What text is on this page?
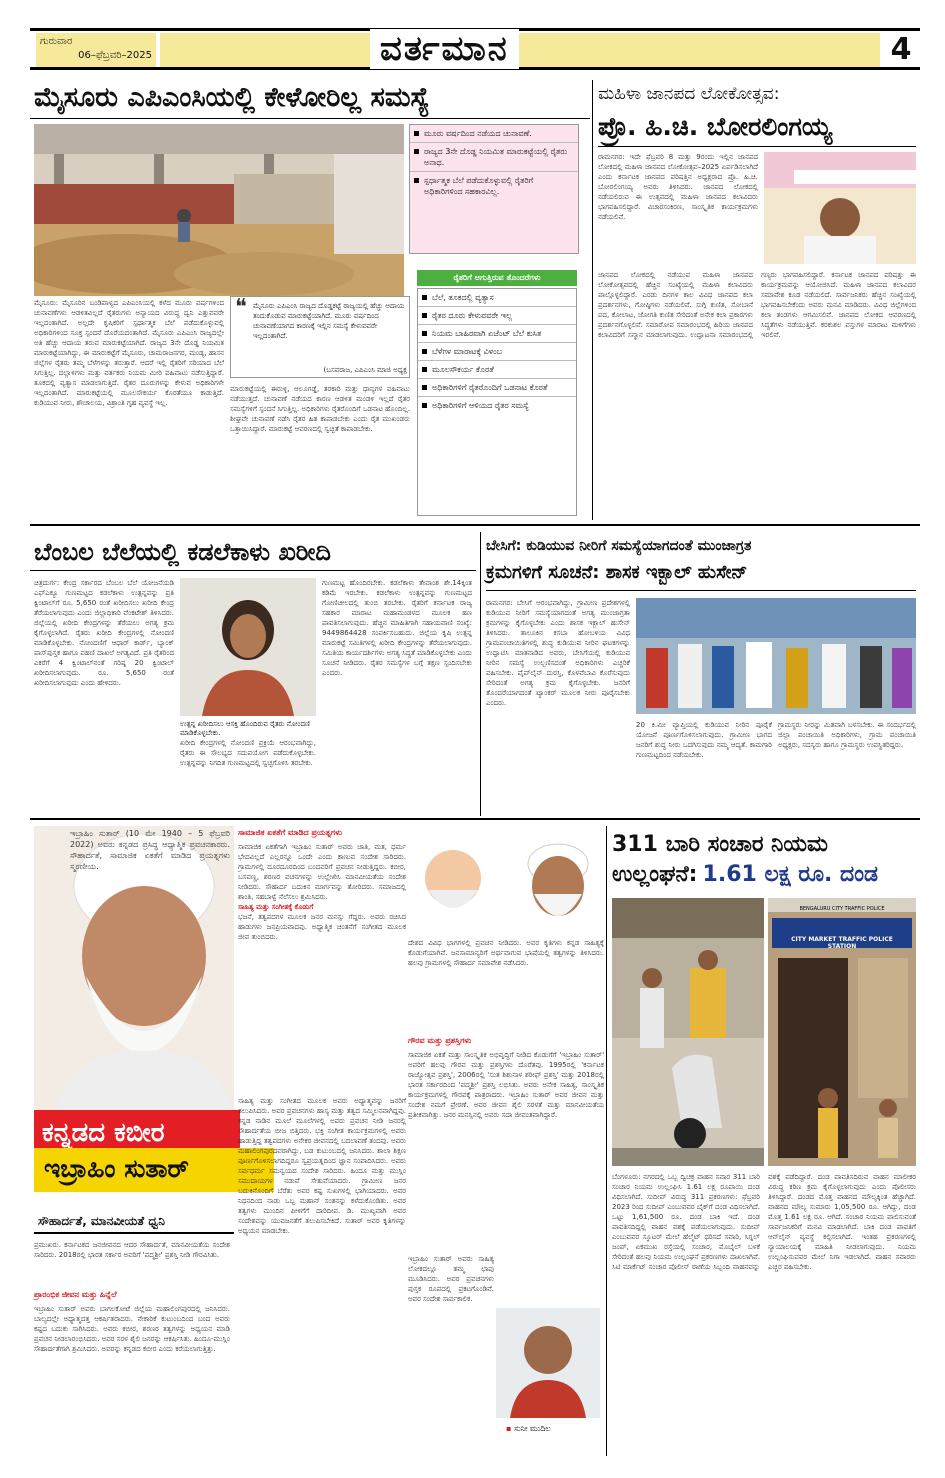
ಗುರುವಾರ
06–ಫೆಬ್ರವರಿ–2025	ವರ್ತಮಾನ	4
ಮೈಸೂರು ಎಪಿಎಂಸಿಯಲ್ಲಿ ಕೇಳೋರಿಲ್ಲ ಸಮಸ್ಯೆ
ಮೂರು ವರ್ಷದಿಂದ ನಡೆಯದ ಚುನಾವಣೆ.
ರಾಜ್ಯದ 3ನೇ ದೊಡ್ಡ ನಿಯಮಿತ ಮಾರುಕಟ್ಟೆಯಲ್ಲಿ ರೈತರು ಅನಾಥ.
ಸ್ಪರ್ಧಾತ್ಮಕ ಬೆಲೆ ಪಡೆದುಕೊಳ್ಳುವಲ್ಲಿ ರೈತರಿಗೆ ಅಧಿಕಾರಿಗಳಿಂದ ಸಹಕಾರವಿಲ್ಲ.
ರೈತರಿಗೆ ಆಗುತ್ತಿರುವ ತೊಂದರೆಗಳು
ಬೆಲೆ, ತೂಕದಲ್ಲಿ ವ್ಯತ್ಯಾಸ
ರೈತರ ದೂರು ಕೇಳುವವರೇ ಇಲ್ಲ
ನಿಯಮ ಬಾಹಿರವಾಗಿ ಏಜೆಂಟ್ ಬೆಲೆ ಕುಸಿತ
ಬೆಳೆಗಳ ಮಾರಾಟಕ್ಕೆ ವಿಳಂಬ
ಮೂಲಸೌಕರ್ಯ ಕೊರತೆ
ಅಧಿಕಾರಿಗಳಿಗೆ ರೈತರೊಂದಿಗೆ ಒಡನಾಟ ಕೊರತೆ
ಅಧಿಕಾರಿಗಳಿಗೆ ಆಳಿಯದ ರೈತರ ಸಮಸ್ಯೆ
❝ ಮೈಸೂರು ಎಪಿಎಂಸಿ ರಾಜ್ಯದ ದೊಡ್ಡಕಟ್ಟೆ ರಾಜ್ಯಯಲ್ಲಿ ಹೆಚ್ಚು ಆದಾಯ ತಂದುಕೊಡುವ ಮಾರುಕಟ್ಟೆಯಾಗಿದೆ. ಮೂರು ವರ್ಷದಿಂದ ಚುನಾವಣೆಯಾಗದ ಕಾರಣಕ್ಕೆ ಇಲ್ಲಿನ ಸಮಸ್ಯೆ ಕೇಳುವವರೇ ಇಲ್ಲದಂತಾಗಿದೆ.
(ಬಸವರಾಜ, ಎಪಿಎಂಸಿ ಮಾಜಿ ಅಧ್ಯಕ್ಷ
ಮೈಸೂರು: ಮೈಸೂರಿನ ಬಂಡಿಪಾಳ್ಯದ ಎಪಿಎಂಸಿಯಲ್ಲಿ ಕಳೆದ ಮೂರು ವರ್ಷಗಳಿಂದ ಚುನಾವಣೆಗಳು ಆಡಳಿತವಿಲ್ಲದೆ ರೈತರುಗಳು ಅನ್ಯಾಯದ ವಿರುದ್ಧ ದ್ವನಿ ಎತ್ತುವವರೇ ಇಲ್ಲದಂತಾಗಿದೆ. ಅಲ್ಲದೇ ಕೃಷಿಕರಿಗೆ ಸ್ಪರ್ಧಾತ್ಮಕ ಬೆಲೆ ಪಡೆದುಕೊಳ್ಳುವಲ್ಲಿ ಅಧಿಕಾರಿಗಳಿಂದ ಸೂಕ್ತ ಸ್ಪಂದನೆ ದೊರೆಯದಂತಾಗಿದೆ. ಮೈಸೂರು ಎಪಿಎಂಸಿ ರಾಜ್ಯದಲ್ಲೇ ಅತಿ ಹೆಚ್ಚು ಆದಾಯ ತರುವ ಮಾರುಕಟ್ಟೆಯಾಗಿದೆ. ರಾಜ್ಯದ 3ನೇ ದೊಡ್ಡ ನಿಯಮಿತ ಮಾರುಕಟ್ಟೆಯಾಗಿದ್ದು, ಈ ಮಾರುಕಟ್ಟೆಗೆ ಮೈಸೂರು, ಚಾಮರಾಜನಗರ, ಮಂಡ್ಯ, ಹಾಸನ ಜಿಲ್ಲೆಗಳ ರೈತರು ತಮ್ಮ ಬೆಳೆಗಳನ್ನು ತರುತ್ತಾರೆ. ಆದರೆ ಇಲ್ಲಿ ರೈತರಿಗೆ ಸರಿಯಾದ ಬೆಲೆ ಸಿಗುತ್ತಿಲ್ಲ. ದಲ್ಲಾಳಿಗಳು ಮತ್ತು ವರ್ತಕರು ನಿಯಮ ಮೀರಿ ವಹಿವಾಟು ನಡೆಸುತ್ತಿದ್ದಾರೆ. ತೂಕದಲ್ಲಿ ವ್ಯತ್ಯಾಸ ಮಾಡಲಾಗುತ್ತಿದೆ. ರೈತರ ದೂರುಗಳನ್ನು ಕೇಳುವ ಅಧಿಕಾರಿಗಳೇ ಇಲ್ಲದಂತಾಗಿದೆ. ಮಾರುಕಟ್ಟೆಯಲ್ಲಿ ಮೂಲಸೌಕರ್ಯ ಕೊರತೆಯೂ ಕಾಡುತ್ತಿದೆ. ಕುಡಿಯುವ ನೀರು, ಶೌಚಾಲಯ, ವಿಶ್ರಾಂತಿ ಗೃಹ ವ್ಯವಸ್ಥೆ ಇಲ್ಲ.
ಮಾರುಕಟ್ಟೆಯಲ್ಲಿ ಈರುಳ್ಳಿ, ಆಲೂಗಡ್ಡೆ, ತರಕಾರಿ ಮತ್ತು ಧಾನ್ಯಗಳ ವಹಿವಾಟು ನಡೆಯುತ್ತದೆ. ಚುನಾವಣೆ ನಡೆಯದ ಕಾರಣ ಆಡಳಿತ ಮಂಡಳಿ ಇಲ್ಲದೆ ರೈತರ ಸಮಸ್ಯೆಗಳಿಗೆ ಸ್ಪಂದನೆ ಸಿಗುತ್ತಿಲ್ಲ. ಅಧಿಕಾರಿಗಳು ರೈತರೊಂದಿಗೆ ಒಡನಾಟ ಹೊಂದಿಲ್ಲ. ಶೀಘ್ರವೇ ಚುನಾವಣೆ ನಡೆಸಿ ರೈತರ ಹಿತ ಕಾಪಾಡಬೇಕು ಎಂದು ರೈತ ಮುಖಂಡರು ಒತ್ತಾಯಿಸಿದ್ದಾರೆ. ಮಾರುಕಟ್ಟೆ ಆವರಣದಲ್ಲಿ ಸ್ವಚ್ಛತೆ ಕಾಪಾಡಬೇಕು.
ಮಹಿಳಾ ಜಾನಪದ ಲೋಕೋತ್ಸವ:
ಪ್ರೊ. ಹಿ.ಚಿ. ಬೋರಲಿಂಗಯ್ಯ
ರಾಮನಗರ: ಇದೇ ಫೆಬ್ರವರಿ 8 ಮತ್ತು 9ರಂದು ಇಲ್ಲಿನ ಜಾನಪದ ಲೋಕದಲ್ಲಿ ಮಹಿಳಾ ಜಾನಪದ ಲೋಕೋತ್ಸವ–2025 ಏರ್ಪಡಿಸಲಾಗಿದೆ ಎಂದು ಕರ್ನಾಟಕ ಜಾನಪದ ಪರಿಷತ್ತಿನ ಅಧ್ಯಕ್ಷರಾದ ಪ್ರೊ. ಹಿ.ಚಿ. ಬೋರಲಿಂಗಯ್ಯ ಅವರು ತಿಳಿಸಿದರು. ಜಾನಪದ ಲೋಕದಲ್ಲಿ ನಡೆಯಲಿರುವ ಈ ಉತ್ಸವದಲ್ಲಿ ಮಹಿಳಾ ಜಾನಪದ ಕಲಾವಿದರು ಭಾಗವಹಿಸಲಿದ್ದಾರೆ. ವಿಚಾರಸಂಕಿರಣ, ಸಾಂಸ್ಕೃತಿಕ ಕಾರ್ಯಕ್ರಮಗಳು ನಡೆಯಲಿವೆ.
ಜಾನಪದ ಲೋಕದಲ್ಲಿ ನಡೆಯುವ ಮಹಿಳಾ ಜಾನಪದ ಲೋಕೋತ್ಸವದಲ್ಲಿ ಹೆಚ್ಚಿನ ಸಂಖ್ಯೆಯಲ್ಲಿ ಮಹಿಳಾ ಕಲಾವಿದರು ಪಾಲ್ಗೊಳ್ಳಲಿದ್ದಾರೆ. ಎರಡು ದಿನಗಳ ಕಾಲ ವಿವಿಧ ಜಾನಪದ ಕಲಾ ಪ್ರದರ್ಶನಗಳು, ಗೋಷ್ಠಿಗಳು ನಡೆಯಲಿವೆ. ಸುಗ್ಗಿ ಕುಣಿತ, ಸೋಬಾನೆ ಪದ, ಕೋಲಾಟ, ಜೋಗತಿ ಕುಣಿತ ಸೇರಿದಂತೆ ಅನೇಕ ಕಲಾ ಪ್ರಕಾರಗಳು ಪ್ರದರ್ಶನಗೊಳ್ಳಲಿವೆ. ಸಮಾರೋಪ ಸಮಾರಂಭದಲ್ಲಿ ಹಿರಿಯ ಜಾನಪದ ಕಲಾವಿದರಿಗೆ ಸನ್ಮಾನ ಮಾಡಲಾಗುವುದು. ಉದ್ಘಾಟನಾ ಸಮಾರಂಭದಲ್ಲಿ ಗಣ್ಯರು ಭಾಗವಹಿಸಲಿದ್ದಾರೆ. ಕರ್ನಾಟಕ ಜಾನಪದ ಪರಿಷತ್ತು ಈ ಕಾರ್ಯಕ್ರಮವನ್ನು ಆಯೋಜಿಸಿದೆ. ಮಹಿಳಾ ಜಾನಪದ ಕಲಾವಿದರ ಸಮಾವೇಶ ಕೂಡ ನಡೆಯಲಿದೆ. ಸಾರ್ವಜನಿಕರು ಹೆಚ್ಚಿನ ಸಂಖ್ಯೆಯಲ್ಲಿ ಭಾಗವಹಿಸಬೇಕೆಂದು ಅವರು ಮನವಿ ಮಾಡಿದರು. ವಿವಿಧ ಜಿಲ್ಲೆಗಳಿಂದ ಕಲಾ ತಂಡಗಳು ಆಗಮಿಸಲಿವೆ. ಜಾನಪದ ಲೋಕದ ಆವರಣದಲ್ಲಿ ಸಿದ್ಧತೆಗಳು ನಡೆಯುತ್ತಿವೆ. ಕರಕುಶಲ ವಸ್ತುಗಳ ಮಾರಾಟ ಮಳಿಗೆಗಳು ಇರಲಿವೆ.
ಬೆಂಬಲ ಬೆಲೆಯಲ್ಲಿ ಕಡಲೆಕಾಳು ಖರೀದಿ
ಉತ್ಪನ್ನ ಖರೀದಿಸಲು ಆಸಕ್ತಿ ಹೊಂದಿರುವ ರೈತರು ನೋಂದಣಿ ಮಾಡಿಕೊಳ್ಳಬೇಕು.
ಚಿತ್ರದುರ್ಗ: ಕೇಂದ್ರ ಸರ್ಕಾರದ ಬೆಂಬಲ ಬೆಲೆ ಯೋಜನೆಯಡಿ ಎಫ್‌ಎಕ್ಯೂ ಗುಣಮಟ್ಟದ ಕಡಲೆಕಾಳು ಉತ್ಪನ್ನವನ್ನು ಪ್ರತಿ ಕ್ವಿಂಟಾಲ್‌ಗೆ ರೂ. 5,650 ರಂತೆ ಖರೀದಿಸಲು ಖರೀದಿ ಕೇಂದ್ರ ತೆರೆಯಲಾಗುವುದು ಎಂದು ಜಿಲ್ಲಾಧಿಕಾರಿ ವೆಂಕಟೇಶ್ ತಿಳಿಸಿದರು. ಜಿಲ್ಲೆಯಲ್ಲಿ ಖರೀದಿ ಕೇಂದ್ರಗಳನ್ನು ತೆರೆಯಲು ಅಗತ್ಯ ಕ್ರಮ ಕೈಗೊಳ್ಳಲಾಗಿದೆ. ರೈತರು ಖರೀದಿ ಕೇಂದ್ರಗಳಲ್ಲಿ ನೋಂದಣಿ ಮಾಡಿಕೊಳ್ಳಬೇಕು. ನೋಂದಣಿಗೆ ಆಧಾರ್ ಕಾರ್ಡ್, ಬ್ಯಾಂಕ್ ಪಾಸ್‌ಪುಸ್ತಕ ಹಾಗೂ ಪಹಣಿ ದಾಖಲೆ ಅಗತ್ಯವಿದೆ. ಪ್ರತಿ ರೈತರಿಂದ ಎಕರೆಗೆ 4 ಕ್ವಿಂಟಾಲ್‌ನಂತೆ ಗರಿಷ್ಠ 20 ಕ್ವಿಂಟಾಲ್ ಖರೀದಿಸಲಾಗುವುದು. ರೂ. 5,650 ರಂತೆ ಖರೀದಿಸಲಾಗುವುದು ಎಂದು ಹೇಳಿದರು.
ಖರೀದಿ ಕೇಂದ್ರಗಳಲ್ಲಿ ನೋಂದಣಿ ಪ್ರಕ್ರಿಯೆ ಆರಂಭವಾಗಿದ್ದು, ರೈತರು ಈ ಸೌಲಭ್ಯದ ಸದುಪಯೋಗ ಪಡೆದುಕೊಳ್ಳಬೇಕು. ಉತ್ಪನ್ನವನ್ನು ನಿಗದಿತ ಗುಣಮಟ್ಟದಲ್ಲಿ ಸ್ವಚ್ಛಗೊಳಿಸಿ ತರಬೇಕು.
ಗುಣಮಟ್ಟ ಹೊಂದಿರಬೇಕು. ಕಡಲೆಕಾಳು ತೇವಾಂಶ ಶೇ.14ಕ್ಕಿಂತ ಕಡಿಮೆ ಇರಬೇಕು. ಕಡಲೆಕಾಳು ಉತ್ಪನ್ನವನ್ನು ಗುಣಮಟ್ಟದ ಗೋಣಿಚೀಲದಲ್ಲಿ ತುಂಬಿ ತರಬೇಕು. ರೈತರಿಗೆ ಕರ್ನಾಟಕ ರಾಜ್ಯ ಸಹಕಾರ ಮಾರಾಟ ಮಹಾಮಂಡಳದ ಮೂಲಕ ಹಣ ಪಾವತಿಸಲಾಗುವುದು. ಹೆಚ್ಚಿನ ಮಾಹಿತಿಗಾಗಿ ಸಹಾಯವಾಣಿ ಸಂಖ್ಯೆ: 9449864428 ಸಂಪರ್ಕಿಸಬಹುದು. ಜಿಲ್ಲೆಯ ಕೃಷಿ ಉತ್ಪನ್ನ ಮಾರುಕಟ್ಟೆ ಸಮಿತಿಗಳಲ್ಲಿ ಖರೀದಿ ಕೇಂದ್ರಗಳನ್ನು ತೆರೆಯಲಾಗುವುದು. ಸಮಿತಿಯ ಕಾರ್ಯದರ್ಶಿಗಳು ಅಗತ್ಯ ಸಿದ್ಧತೆ ಮಾಡಿಕೊಳ್ಳಬೇಕು ಎಂದು ಸೂಚನೆ ನೀಡಿದರು. ರೈತರ ಸಮಸ್ಯೆಗಳ ಬಗ್ಗೆ ತಕ್ಷಣ ಸ್ಪಂದಿಸಬೇಕು ಎಂದರು.
ಬೇಸಿಗೆ: ಕುಡಿಯುವ ನೀರಿಗೆ ಸಮಸ್ಯೆಯಾಗದಂತೆ ಮುಂಜಾಗ್ರತ
ಕ್ರಮಗಳಿಗೆ ಸೂಚನೆ: ಶಾಸಕ ಇಕ್ಬಾಲ್ ಹುಸೇನ್
ರಾಮನಗರ: ಬೇಸಿಗೆ ಆರಂಭವಾಗಿದ್ದು, ಗ್ರಾಮೀಣ ಪ್ರದೇಶಗಳಲ್ಲಿ ಕುಡಿಯುವ ನೀರಿಗೆ ಸಮಸ್ಯೆಯಾಗದಂತೆ ಅಗತ್ಯ ಮುಂಜಾಗ್ರತಾ ಕ್ರಮಗಳನ್ನು ಕೈಗೊಳ್ಳಬೇಕು ಎಂದು ಶಾಸಕ ಇಕ್ಬಾಲ್ ಹುಸೇನ್ ತಿಳಿಸಿದರು. ತಾಲೂಕಿನ ಕಸಬಾ ಹೋಬಳಿಯ ವಿವಿಧ ಗ್ರಾಮಪಂಚಾಯಿತಿಗಳಲ್ಲಿ ಶುದ್ಧ ಕುಡಿಯುವ ನೀರಿನ ಘಟಕಗಳನ್ನು ಉದ್ಘಾಟಿಸಿ ಮಾತನಾಡಿದ ಅವರು, ಬೇಸಿಗೆಯಲ್ಲಿ ಕುಡಿಯುವ ನೀರಿನ ಸಮಸ್ಯೆ ಉಲ್ಬಣಿಸದಂತೆ ಅಧಿಕಾರಿಗಳು ಎಚ್ಚರಿಕೆ ವಹಿಸಬೇಕು. ಪೈಪ್‌ಲೈನ್ ದುರಸ್ತಿ, ಕೊಳವೆಬಾವಿ ಕೊರೆಸುವುದು ಸೇರಿದಂತೆ ಅಗತ್ಯ ಕ್ರಮ ಕೈಗೊಳ್ಳಬೇಕು. ಜನರಿಗೆ ತೊಂದರೆಯಾಗದಂತೆ ಟ್ಯಾಂಕರ್ ಮೂಲಕ ನೀರು ಪೂರೈಸಬೇಕು ಎಂದರು.
20 ಕಿ.ಮೀ ವ್ಯಾಪ್ತಿಯಲ್ಲಿ ಕುಡಿಯುವ ನೀರಿನ ಪೂರೈಕೆ ಯೋಜನೆ ಪೂರ್ಣಗೊಳಿಸಲಾಗುವುದು. ಗ್ರಾಮೀಣ ಭಾಗದ ಜನರಿಗೆ ಶುದ್ಧ ನೀರು ಒದಗಿಸುವುದು ನಮ್ಮ ಆದ್ಯತೆ. ಕಾಮಗಾರಿ ಗುಣಮಟ್ಟದಿಂದ ನಡೆಯಬೇಕು.
ಗ್ರಾಮಸ್ಥರು ನೀರನ್ನು ಮಿತವಾಗಿ ಬಳಸಬೇಕು. ಈ ಸಂದರ್ಭದಲ್ಲಿ ಜಿಲ್ಲಾ ಪಂಚಾಯಿತಿ ಅಧಿಕಾರಿಗಳು, ಗ್ರಾಮ ಪಂಚಾಯಿತಿ ಅಧ್ಯಕ್ಷರು, ಸದಸ್ಯರು ಹಾಗೂ ಗ್ರಾಮಸ್ಥರು ಉಪಸ್ಥಿತರಿದ್ದರು.
ಕನ್ನಡದ ಕಬೀರ
ಇಬ್ರಾಹಿಂ ಸುತಾರ್
ಸೌಹಾರ್ದತೆ, ಮಾನವೀಯತೆ ಧ್ವನಿ
ಇಬ್ರಾಹಿಂ ಸುತಾರ್ (10 ಮೇ 1940 – 5 ಫೆಬ್ರವರಿ 2022) ಅವರು ಕನ್ನಡದ ಪ್ರಸಿದ್ಧ ಆಧ್ಯಾತ್ಮಿಕ ಪ್ರವಚನಕಾರರು. ಸೌಹಾರ್ದತೆ, ಸಾಮಾಜಿಕ ಏಕತೆಗೆ ಮಾಡಿದ ಪ್ರಯತ್ನಗಳು ಸ್ಮರಣೀಯ.
ಸಾಮಾಜಿಕ ಏಕತೆಗೆ ಮಾಡಿದ ಪ್ರಯತ್ನಗಳು
ಸಾಮಾಜಿಕ ಏಕತೆಗಾಗಿ ಇಬ್ರಾಹಿಂ ಸುತಾರ್ ಅವರು ಜಾತಿ, ಮತ, ಧರ್ಮ ಭೇದವಿಲ್ಲದೆ ಎಲ್ಲರನ್ನೂ ಒಂದೇ ಎಂದು ಕಾಣುವ ಸಂದೇಶ ಸಾರಿದರು. ಗ್ರಾಮಗಳಲ್ಲಿ ದೂರದೂರದಿಂದ ಬಂದವರಿಗೆ ಪ್ರವಚನ ನೀಡುತ್ತಿದ್ದರು. ಕಬೀರ, ಬಸವಣ್ಣ, ಶರಣರ ವಚನಗಳನ್ನು ಉಲ್ಲೇಖಿಸಿ ಮಾನವೀಯತೆಯ ಸಂದೇಶ ನೀಡಿದರು. ಸೌಹಾರ್ದ ಬದುಕಿನ ಮಾರ್ಗವನ್ನು ತೋರಿದರು. ಸಮಾಜದಲ್ಲಿ ಶಾಂತಿ, ಸಹಬಾಳ್ವೆ ನೆಲೆಸಲು ಶ್ರಮಿಸಿದರು.
ಸಾಹಿತ್ಯ ಮತ್ತು ಸಂಗೀತಕ್ಕೆ ಕೊಡುಗೆ
ಭಜನೆ, ತತ್ವಪದಗಳ ಮೂಲಕ ಜನರ ಮನಸ್ಸು ಗೆದ್ದರು. ಅವರು ರಚಿಸಿದ ಹಾಡುಗಳು ಜನಪ್ರಿಯವಾದವು. ಅಧ್ಯಾತ್ಮಿಕ ಚಿಂತನೆಗೆ ಸಂಗೀತದ ಮೂಲಕ ಜೀವ ತುಂಬಿದರು.
ಗೌರವ ಮತ್ತು ಪ್ರಶಸ್ತಿಗಳು
ದೇಶದ ವಿವಿಧ ಭಾಗಗಳಲ್ಲಿ ಪ್ರವಚನ ನೀಡಿದರು. ಅವರ ಕೃತಿಗಳು ಕನ್ನಡ ಸಾಹಿತ್ಯಕ್ಕೆ ಕೊಡುಗೆಯಾಗಿವೆ. ಜನಸಾಮಾನ್ಯರಿಗೆ ಅರ್ಥವಾಗುವ ಭಾಷೆಯಲ್ಲಿ ತತ್ವಗಳನ್ನು ತಿಳಿಸಿದರು. ಹಲವು ಗ್ರಾಮಗಳಲ್ಲಿ ಸೌಹಾರ್ದ ಸಮಾವೇಶ ನಡೆಸಿದರು.
ಸಾಮಾಜಿಕ ಏಕತೆ ಮತ್ತು ಸಾಂಸ್ಕೃತಿಕ ಅಭಿವೃದ್ಧಿಗೆ ನೀಡಿದ ಕೊಡುಗೆಗೆ 'ಇಬ್ರಾಹಿಂ ಸುತಾರ್' ಅವರಿಗೆ ಹಲವು ಗೌರವ ಮತ್ತು ಪ್ರಶಸ್ತಿಗಳು ದೊರೆತವು. 1995ರಲ್ಲಿ 'ಕರ್ನಾಟಕ ರಾಜ್ಯೋತ್ಸವ ಪ್ರಶಸ್ತಿ', 2006ರಲ್ಲಿ 'ಸಂತ ಶಿಶುನಾಳ ಶರೀಫ್ ಪ್ರಶಸ್ತಿ' ಮತ್ತು 2018ರಲ್ಲಿ ಭಾರತ ಸರ್ಕಾರದಿಂದ 'ಪದ್ಮಶ್ರೀ' ಪ್ರಶಸ್ತಿ ಲಭಿಸಿತು. ಅವರು ಅನೇಕ ಸಾಹಿತ್ಯ, ಸಾಂಸ್ಕೃತಿಕ ಕಾರ್ಯಕ್ರಮಗಳಲ್ಲಿ ಗೌರವಕ್ಕೆ ಪಾತ್ರರಾದರು. ಇಬ್ರಾಹಿಂ ಸುತಾರ್ ಅವರ ಜೀವನ ಮತ್ತು ಸಂದೇಶ ನಮಗೆ ಪ್ರೇರಣೆ. ಅವರ ಜೀವನ ಶೈಲಿ ಸರಳತೆ ಮತ್ತು ಮಾನವೀಯತೆಯ ಪ್ರತೀಕವಾಗಿತ್ತು. ಜನರ ಮನಸ್ಸಿನಲ್ಲಿ ಅವರು ಸದಾ ಜೀವಂತವಾಗಿದ್ದಾರೆ.
ಸಾಹಿತ್ಯ ಮತ್ತು ಸಂಗೀತದ ಮೂಲಕ ಅವರು ಅಧ್ಯಾತ್ಮವನ್ನು ಜನರಿಗೆ ತಲುಪಿಸಿದರು. ಅವರ ಪ್ರವಚನಗಳು ಹಾಸ್ಯ ಮತ್ತು ತತ್ವದ ಸಮ್ಮಿಲನವಾಗಿದ್ದವು. ಕನ್ನಡ ನಾಡಿನ ಮೂಲೆ ಮೂಲೆಗಳಲ್ಲಿ ಅವರು ಪ್ರವಚನ ನೀಡಿ ಜನರಲ್ಲಿ ಸೌಹಾರ್ದತೆಯ ಬೀಜ ಬಿತ್ತಿದರು. ಭಕ್ತಿ ಸಂಗೀತ ಕಾರ್ಯಕ್ರಮಗಳಲ್ಲಿ ಅವರು ಹಾಡುತ್ತಿದ್ದ ತತ್ವಪದಗಳು ಅನೇಕರ ಜೀವನದಲ್ಲಿ ಬದಲಾವಣೆ ತಂದವು. ಅವರು ಮಹಾಲಿಂಗಪುರದವರಾಗಿದ್ದು, ಬಡ ಕುಟುಂಬದಲ್ಲಿ ಜನಿಸಿದರು. ಶಾಲಾ ಶಿಕ್ಷಣ ಪೂರ್ಣಗೊಳಿಸಲಾಗದಿದ್ದರೂ ಸ್ವಪ್ರಯತ್ನದಿಂದ ಜ್ಞಾನ ಸಂಪಾದಿಸಿದರು. ಅವರು ಸರ್ವಧರ್ಮ ಸಮನ್ವಯದ ಸಂದೇಶ ಸಾರಿದರು. ಹಿಂದೂ ಮತ್ತು ಮುಸ್ಲಿಂ ಸಮುದಾಯಗಳ ನಡುವೆ ಸೇತುವೆಯಾದರು. ಗ್ರಾಮೀಣ ಜನರ ಬದುಕಿನೊಂದಿಗೆ ಬೆರೆತು ಅವರ ಕಷ್ಟ ಸುಖಗಳಲ್ಲಿ ಭಾಗಿಯಾದರು. ಅವರ ನಿಧನದಿಂದ ನಾಡು ಒಬ್ಬ ಮಹಾನ್ ಸಂತನನ್ನು ಕಳೆದುಕೊಂಡಿತು. ಅವರ ತತ್ವಗಳು ಮುಂದಿನ ಪೀಳಿಗೆಗೆ ದಾರಿದೀಪ. ಡಿ. ಮುಖ್ಯವಾಗಿ ಅವರ ಸಂದೇಶವನ್ನು ಯುವಜನತೆಗೆ ತಲುಪಿಸಬೇಕಿದೆ. ಸುತಾರ್ ಅವರ ಕೃತಿಗಳನ್ನು ಅಧ್ಯಯನ ಮಾಡಬೇಕು.
ಪ್ರಾರಂಭಿಕ ಜೀವನ ಮತ್ತು ಹಿನ್ನೆಲೆ
ಪ್ರಮುಖರು. ಕರ್ನಾಟಕದ ಜನಜೀವನದ ಆದರ ಸೌಹಾರ್ದತೆ, ಮಾನವೀಯತೆಯ ಸಂದೇಶ ಸಾರಿದರು. 2018ರಲ್ಲಿ ಭಾರತ ಸರ್ಕಾರ ಅವರಿಗೆ 'ಪದ್ಮಶ್ರೀ' ಪ್ರಶಸ್ತಿ ನೀಡಿ ಗೌರವಿಸಿತು.
ಇಬ್ರಾಹಿಂ ಸುತಾರ್ ಅವರು ಬಾಗಲಕೋಟೆ ಜಿಲ್ಲೆಯ ಮಹಾಲಿಂಗಪುರದಲ್ಲಿ ಜನಿಸಿದರು. ಬಾಲ್ಯದಲ್ಲೇ ಅಧ್ಯಾತ್ಮದತ್ತ ಆಕರ್ಷಿತರಾದರು. ನೇಕಾರಿಕೆ ಕುಟುಂಬದಿಂದ ಬಂದ ಅವರು ಕಷ್ಟದ ಬದುಕು ಸಾಗಿಸಿದರು. ಅವರು ಕಬೀರ, ಶರಣರ ತತ್ವಗಳನ್ನು ಅಧ್ಯಯನ ಮಾಡಿ ಪ್ರವಚನ ನೀಡಲಾರಂಭಿಸಿದರು. ಅವರ ಸರಳ ಶೈಲಿ ಜನರನ್ನು ಆಕರ್ಷಿಸಿತು. ಹಿಂದೂ-ಮುಸ್ಲಿಂ ಸೌಹಾರ್ದತೆಗಾಗಿ ಶ್ರಮಿಸಿದರು. ಅವರನ್ನು ಕನ್ನಡದ ಕಬೀರ ಎಂದು ಕರೆಯಲಾಗುತ್ತಿತ್ತು.
▪ ಸುನೀ ಮುದಿಲ
ಇಬ್ರಾಹಿಂ ಸುತಾರ್ ಅವರು ಸಾಹಿತ್ಯ ಲೋಕದಲ್ಲೂ ತಮ್ಮ ಛಾಪು ಮೂಡಿಸಿದರು. ಅವರ ಪ್ರವಚನಗಳು ಪುಸ್ತಕ ರೂಪದಲ್ಲಿ ಪ್ರಕಟಗೊಂಡಿವೆ. ಅವರ ಸಂದೇಶ ಸಾರ್ವಕಾಲಿಕ.
311 ಬಾರಿ ಸಂಚಾರ ನಿಯಮ
ಉಲ್ಲಂಘನೆ: 1.61 ಲಕ್ಷ ರೂ. ದಂಡ
BENGALURU CITY TRAFFIC POLICE
CITY MARKET TRAFFIC POLICE STATION
ಬೆಂಗಳೂರು: ನಗರದಲ್ಲಿ ಒಬ್ಬ ದ್ವಿಚಕ್ರ ವಾಹನ ಸವಾರ 311 ಬಾರಿ ಸಂಚಾರ ನಿಯಮ ಉಲ್ಲಂಘಿಸಿ 1.61 ಲಕ್ಷ ರೂಪಾಯಿ ದಂಡ ವಿಧಿಸಲಾಗಿದೆ. ಸುದೀಪ್ ವಿರುದ್ಧ 311 ಪ್ರಕರಣಗಳು: ಫೆಬ್ರವರಿ 2023 ರಿಂದ ಸುದೀಪ್ ಎಂಬುವವರ ಬೈಕ್‌ಗೆ ದಂಡ ವಿಧಿಸಲಾಗಿದೆ. ಒಟ್ಟು 1,61,500 ರೂ. ದಂಡ ಬಾಕಿ ಇದೆ. ದಂಡ ಪಾವತಿಸದಿದ್ದಲ್ಲಿ ವಾಹನ ವಶಕ್ಕೆ ಪಡೆಯಲಾಗುವುದು. ಸುದೀಪ್ ಎಂಬುವವರ ಸ್ಕೂಟರ್ ಮೇಲೆ ಹೆಲ್ಮೆಟ್ ಧರಿಸದೆ ಸವಾರಿ, ಸಿಗ್ನಲ್ ಜಂಪ್, ಏಕಮುಖ ರಸ್ತೆಯಲ್ಲಿ ಸಂಚಾರ, ಮೊಬೈಲ್ ಬಳಕೆ ಸೇರಿದಂತೆ ಹಲವು ನಿಯಮ ಉಲ್ಲಂಘನೆ ಪ್ರಕರಣಗಳು ದಾಖಲಾಗಿವೆ. ಸಿಟಿ ಮಾರ್ಕೆಟ್ ಸಂಚಾರ ಪೊಲೀಸ್ ಠಾಣೆಯ ಸಿಬ್ಬಂದಿ ವಾಹನವನ್ನು ವಶಕ್ಕೆ ಪಡೆದಿದ್ದಾರೆ. ದಂಡ ಪಾವತಿಸದಿರುವ ವಾಹನ ಮಾಲೀಕರ ವಿರುದ್ಧ ಕಠಿಣ ಕ್ರಮ ಕೈಗೊಳ್ಳಲಾಗುವುದು ಎಂದು ಪೊಲೀಸರು ತಿಳಿಸಿದ್ದಾರೆ. ದಂಡದ ಮೊತ್ತ ವಾಹನದ ಮೌಲ್ಯಕ್ಕಿಂತ ಹೆಚ್ಚಾಗಿದೆ. ವಾಹನದ ಮೌಲ್ಯ ಸುಮಾರು 1,05,500 ರೂ. ಆಗಿದ್ದು, ದಂಡ ಮೊತ್ತ 1.61 ಲಕ್ಷ ರೂ. ಆಗಿದೆ. ಸಂಚಾರ ನಿಯಮ ಪಾಲಿಸುವಂತೆ ಸಾರ್ವಜನಿಕರಿಗೆ ಮನವಿ ಮಾಡಲಾಗಿದೆ. ಬಾಕಿ ದಂಡ ಪಾವತಿಗೆ ಆನ್‌ಲೈನ್ ವ್ಯವಸ್ಥೆ ಕಲ್ಪಿಸಲಾಗಿದೆ. ಇಂತಹ ಪ್ರಕರಣಗಳಲ್ಲಿ ನ್ಯಾಯಾಲಯಕ್ಕೆ ಮಾಹಿತಿ ನೀಡಲಾಗುವುದು. ನಿಯಮ ಉಲ್ಲಂಘಿಸುವವರ ಮೇಲೆ ನಿಗಾ ಇಡಲಾಗಿದೆ. ವಾಹನ ಸವಾರರು ಎಚ್ಚರ ವಹಿಸಬೇಕು.
